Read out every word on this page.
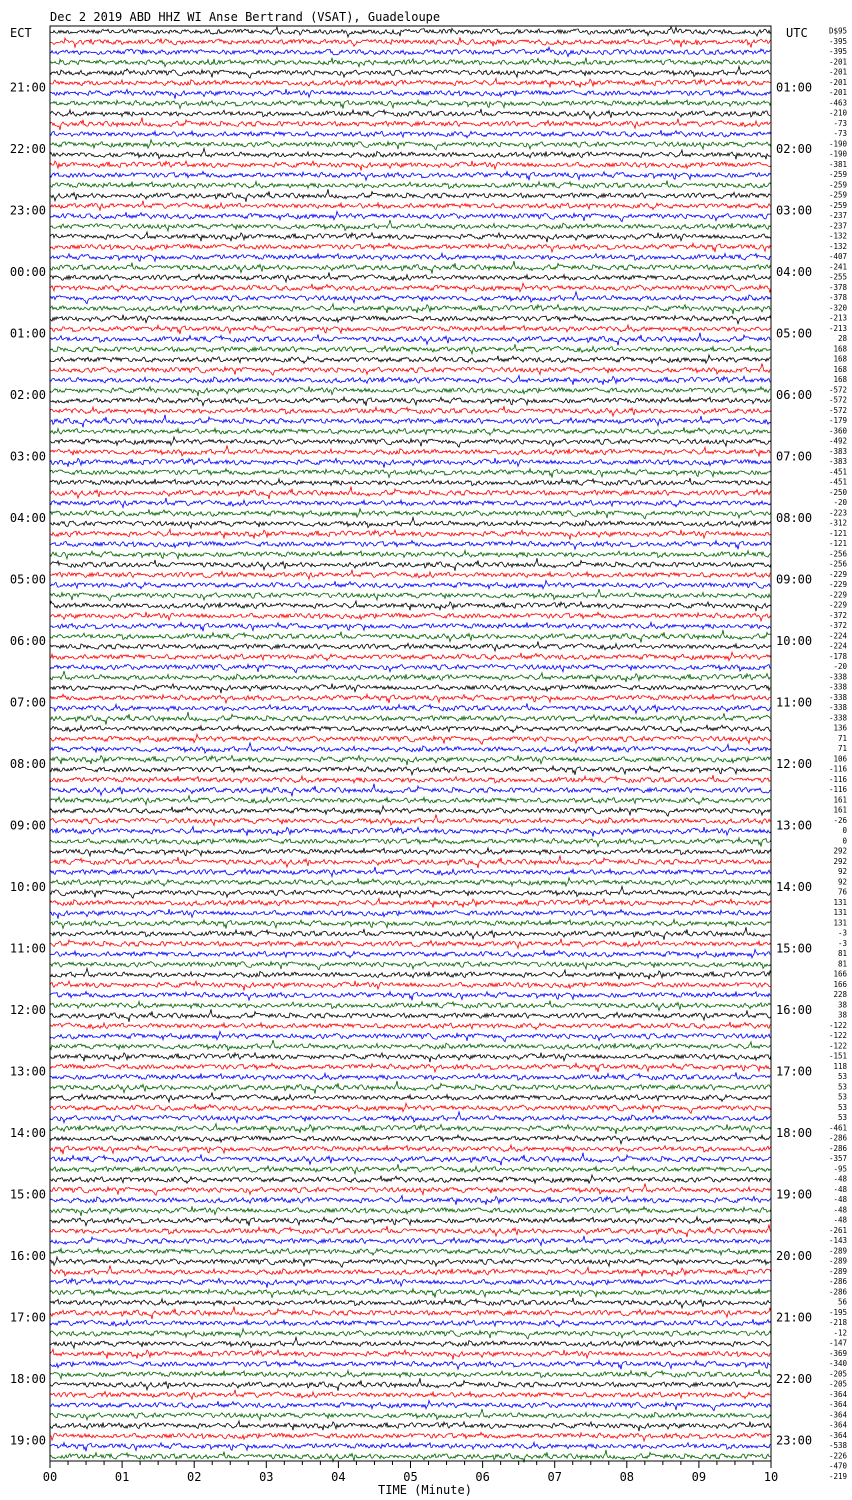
Dec 2 2019 ABD HHZ WI Anse Bertrand (VSAT), Guadeloupe
ECT	UTC
21:00
22:00
23:00
00:00
01:00
02:00
03:00
04:00
05:00
06:00
07:00
08:00
09:00
10:00
11:00
12:00
13:00
14:00
15:00
16:00
17:00
18:00
19:00
01:00
02:00
03:00
04:00
05:00
06:00
07:00
08:00
09:00
10:00
11:00
12:00
13:00
14:00
15:00
16:00
17:00
18:00
19:00
20:00
21:00
22:00
23:00
D$95
-395
-395
-201
-201
-201
-201
-463
-210
-73
-73
-190
-190
-381
-259
-259
-259
-259
-237
-237
-132
-132
-407
-241
-255
-378
-378
-320
-213
-213
28
168
168
168
168
-572
-572
-572
-179
-360
-492
-383
-383
-451
-451
-250
-20
-223
-312
-121
-121
-256
-256
-229
-229
-229
-229
-372
-372
-224
-224
-178
-20
-338
-338
-338
-338
-338
136
71
71
106
-116
-116
-116
161
161
-26
0
0
292
292
92
92
76
131
131
131
-3
-3
81
81
166
166
228
38
38
-122
-122
-122
-151
118
53
53
53
53
53
-461
-286
-286
-357
-95
-48
-48
-48
-48
-48
-261
-143
-289
-289
-289
-286
-286
56
-195
-218
-12
-147
-369
-340
-205
-205
-364
-364
-364
-364
-364
-538
-226
-470
-219
00	01	02	03	04	05	06	07	08	09	10
TIME (Minute)
